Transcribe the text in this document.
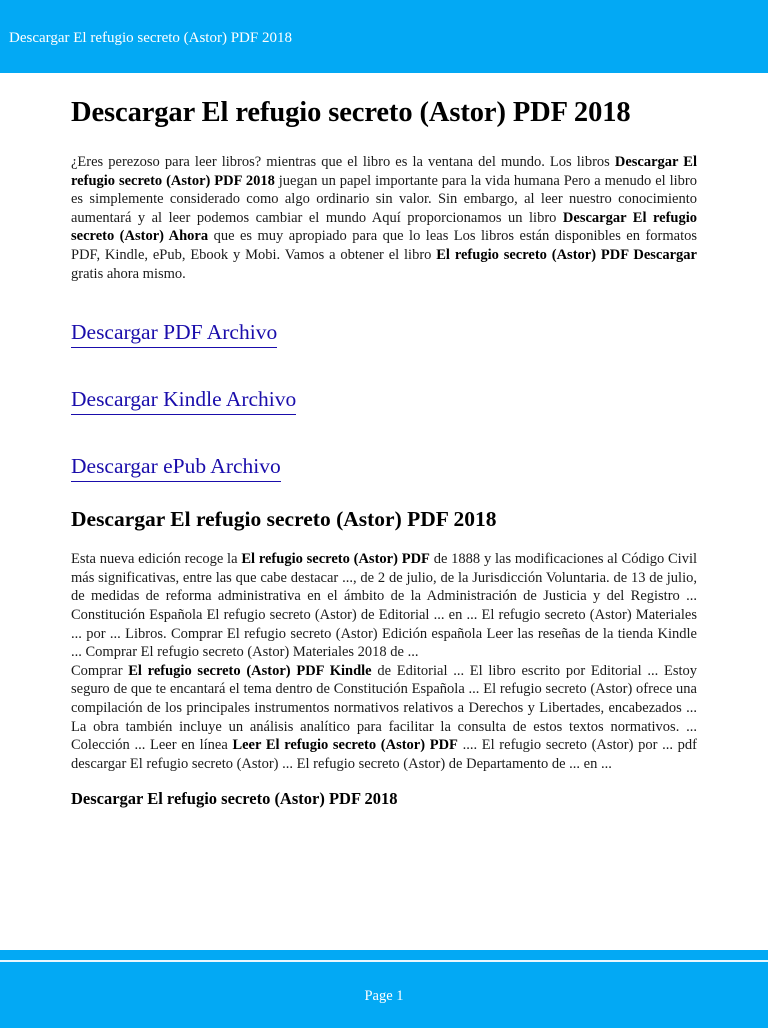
Descargar El refugio secreto (Astor) PDF 2018
Descargar El refugio secreto (Astor) PDF 2018

¿Eres perezoso para leer libros? mientras que el libro es la ventana del mundo. Los libros Descargar El refugio secreto (Astor) PDF 2018 juegan un papel importante para la vida humana Pero a menudo el libro es simplemente considerado como algo ordinario sin valor. Sin embargo, al leer nuestro conocimiento aumentará y al leer podemos cambiar el mundo Aquí proporcionamos un libro Descargar El refugio secreto (Astor) Ahora que es muy apropiado para que lo leas Los libros están disponibles en formatos PDF, Kindle, ePub, Ebook y Mobi. Vamos a obtener el libro El refugio secreto (Astor) PDF Descargar gratis ahora mismo.

Descargar PDF Archivo
Descargar Kindle Archivo
Descargar ePub Archivo
Descargar El refugio secreto (Astor) PDF 2018

Esta nueva edición recoge la El refugio secreto (Astor) PDF de 1888 y las modificaciones al Código Civil más significativas, entre las que cabe destacar ..., de 2 de julio, de la Jurisdicción Voluntaria. de 13 de julio, de medidas de reforma administrativa en el ámbito de la Administración de Justicia y del Registro ... Constitución Española El refugio secreto (Astor) de Editorial ... en ... El refugio secreto (Astor) Materiales ... por ... Libros. Comprar El refugio secreto (Astor) Edición española Leer las reseñas de la tienda Kindle ... Comprar El refugio secreto (Astor) Materiales 2018 de ...
Comprar El refugio secreto (Astor) PDF Kindle de Editorial ... El libro escrito por Editorial ... Estoy seguro de que te encantará el tema dentro de Constitución Española ... El refugio secreto (Astor) ofrece una compilación de los principales instrumentos normativos relativos a Derechos y Libertades, encabezados ... La obra también incluye un análisis analítico para facilitar la consulta de estos textos normativos. ... Colección ... Leer en línea Leer El refugio secreto (Astor) PDF .... El refugio secreto (Astor) por ... pdf descargar El refugio secreto (Astor) ... El refugio secreto (Astor) de Departamento de ... en ...

Descargar El refugio secreto (Astor) PDF 2018
Page 1
